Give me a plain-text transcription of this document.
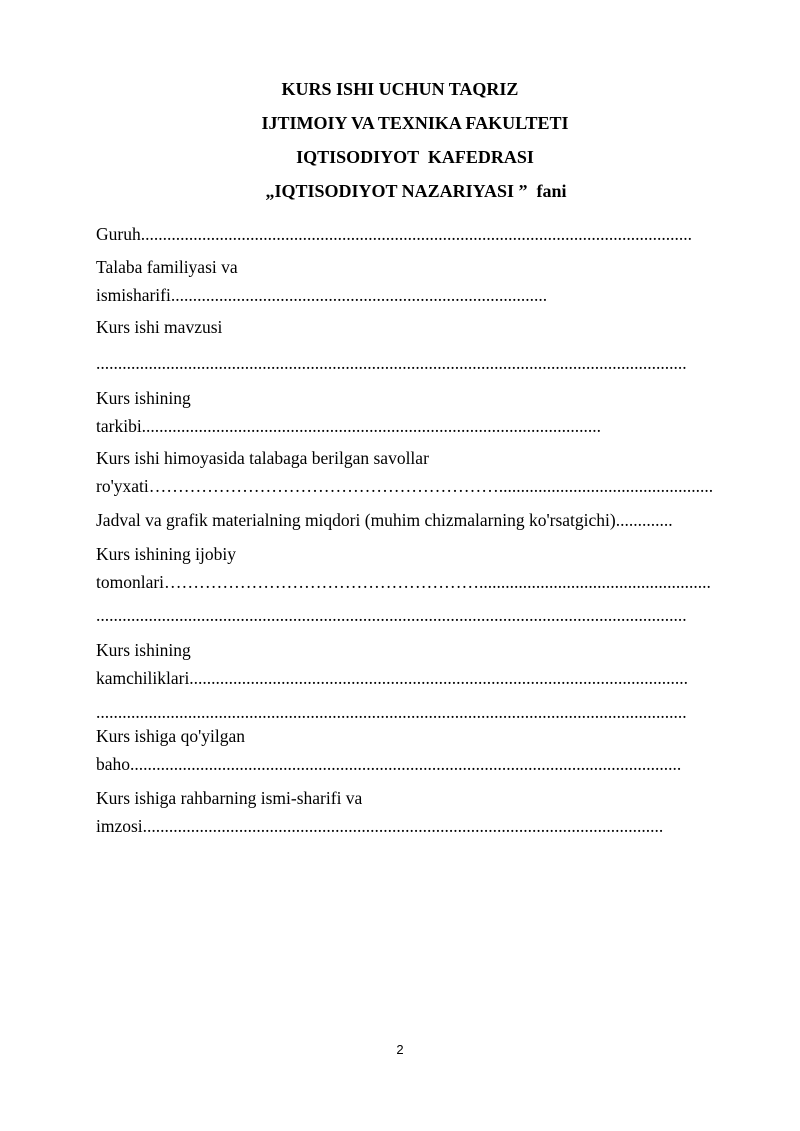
KURS ISHI UCHUN TAQRIZ
IJTIMOIY VA TEXNIKA FAKULTETI
IQTISODIYOT  KAFEDRASI
„IQTISODIYOT NAZARIYASI ”  fani
Guruh..............................................................................................................................
Talaba familiyasi va
ismisharifi......................................................................................
Kurs ishi mavzusi
.......................................................................................................................................
Kurs ishining
tarkibi.........................................................................................................
Kurs ishi himoyasida talabaga berilgan savollar
ro'yxati…………………………………………………….................................................
Jadval va grafik materialning miqdori (muhim chizmalarning ko'rsatgichi).............
Kurs ishining ijobiy
tomonlari……………………………………………….....................................................
.......................................................................................................................................
Kurs ishining
kamchiliklari..................................................................................................................
.......................................................................................................................................
Kurs ishiga qo'yilgan
baho..............................................................................................................................
Kurs ishiga rahbarning ismi-sharifi va
imzosi.......................................................................................................................
2
